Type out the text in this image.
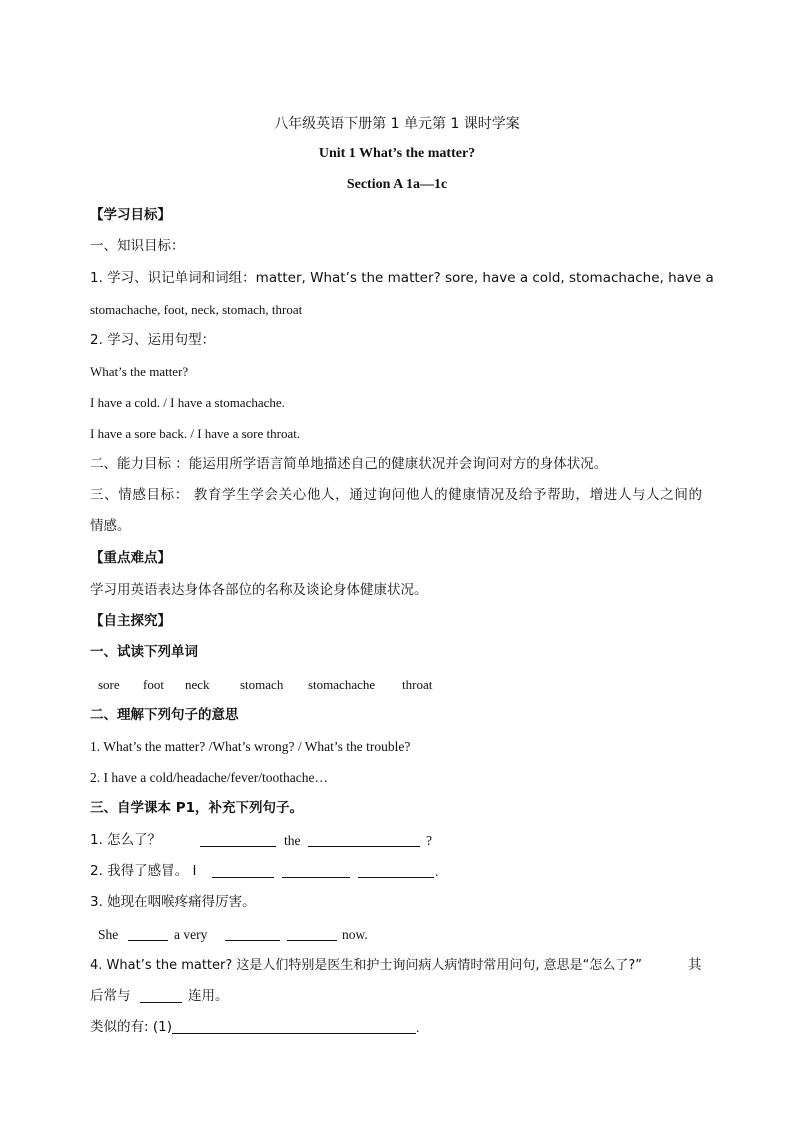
八年级英语下册第 1 单元第 1 课时学案
Unit 1 What’s the matter?
Section A 1a—1c
【学习目标】
一、知识目标：
1. 学习、识记单词和词组：matter, What’s the matter? sore, have a cold, stomachache, have a
stomachache, foot, neck, stomach, throat
2. 学习、运用句型：
What’s the matter?
I have a cold. / I have a stomachache.
I have a sore back. / I have a sore throat.
二、能力目标 ：能运用所学语言简单地描述自己的健康状况并会询问对方的身体状况。
三、情感目标： 教育学生学会关心他人，通过询问他人的健康情况及给予帮助，增进人与人之间的
情感。
【重点难点】
学习用英语表达身体各部位的名称及谈论身体健康状况。
【自主探究】
一、试读下列单词
sore foot neck stomach stomachache throat
二、理解下列句子的意思
1. What’s the matter? /What’s wrong? / What’s the trouble?
2. I have a cold/headache/fever/toothache…
三、自学课本 P1，补充下列句子。
1. 怎么了？	the	?
2. 我得了感冒。 I	.
3. 她现在咽喉疼痛得厉害。
She	a very	now.
4. What’s the matter? 这是人们特别是医生和护士询问病人病情时常用问句, 意思是“怎么了?”	其
后常与	连用。
类似的有: (1)	.
